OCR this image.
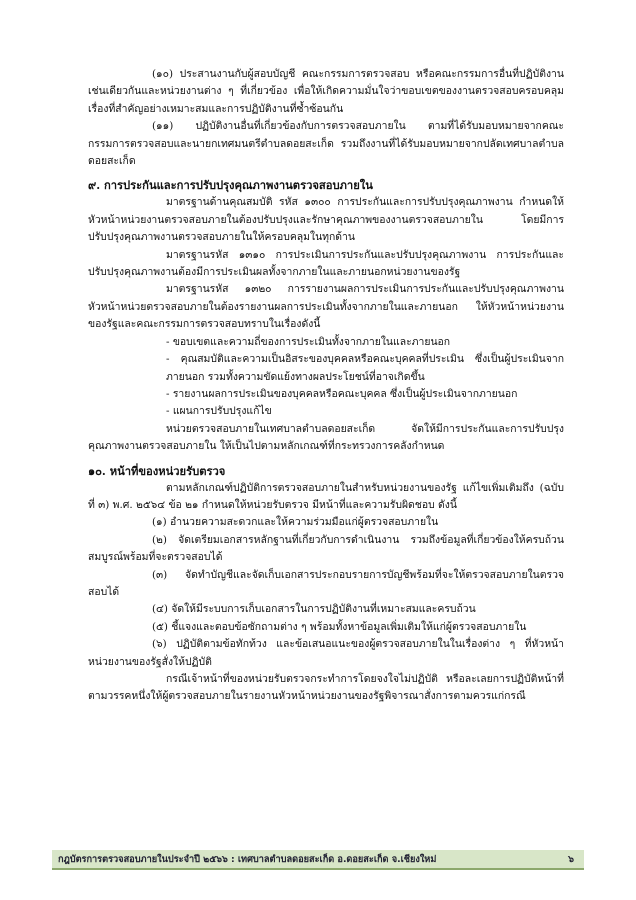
(๑๐) ประสานงานกับผู้สอบบัญชี คณะกรรมการตรวจสอบ หรือคณะกรรมการอื่นที่ปฏิบัติงานเช่นเดียวกันและหน่วยงานต่าง ๆ ที่เกี่ยวข้อง เพื่อให้เกิดความมั่นใจว่าขอบเขตของงานตรวจสอบครอบคลุมเรื่องที่สำคัญอย่างเหมาะสมและการปฏิบัติงานที่ซ้ำซ้อนกัน

(๑๑) ปฏิบัติงานอื่นที่เกี่ยวข้องกับการตรวจสอบภายใน ตามที่ได้รับมอบหมายจากคณะกรรมการตรวจสอบและนายกเทศมนตรีตำบลดอยสะเก็ด รวมถึงงานที่ได้รับมอบหมายจากปลัดเทศบาลตำบลดอยสะเก็ด

๙. การประกันและการปรับปรุงคุณภาพงานตรวจสอบภายใน

มาตรฐานด้านคุณสมบัติ รหัส ๑๓๐๐ การประกันและการปรับปรุงคุณภาพงาน กำหนดให้หัวหน้าหน่วยงานตรวจสอบภายในต้องปรับปรุงและรักษาคุณภาพของงานตรวจสอบภายใน โดยมีการปรับปรุงคุณภาพงานตรวจสอบภายในให้ครอบคลุมในทุกด้าน

มาตรฐานรหัส ๑๓๑๐ การประเมินการประกันและปรับปรุงคุณภาพงาน การประกันและปรับปรุงคุณภาพงานต้องมีการประเมินผลทั้งจากภายในและภายนอกหน่วยงานของรัฐ

มาตรฐานรหัส ๑๓๒๐ การรายงานผลการประเมินการประกันและปรับปรุงคุณภาพงาน หัวหน้าหน่วยตรวจสอบภายในต้องรายงานผลการประเมินทั้งจากภายในและภายนอก ให้หัวหน้าหน่วยงานของรัฐและคณะกรรมการตรวจสอบทราบในเรื่องดังนี้

- ขอบเขตและความถี่ของการประเมินทั้งจากภายในและภายนอก

- คุณสมบัติและความเป็นอิสระของบุคคลหรือคณะบุคคลที่ประเมิน ซึ่งเป็นผู้ประเมินจากภายนอก รวมทั้งความขัดแย้งทางผลประโยชน์ที่อาจเกิดขึ้น

- รายงานผลการประเมินของบุคคลหรือคณะบุคคล ซึ่งเป็นผู้ประเมินจากภายนอก

- แผนการปรับปรุงแก้ไข

หน่วยตรวจสอบภายในเทศบาลตำบลดอยสะเก็ด จัดให้มีการประกันและการปรับปรุงคุณภาพงานตรวจสอบภายใน ให้เป็นไปตามหลักเกณฑ์ที่กระทรวงการคลังกำหนด

๑๐. หน้าที่ของหน่วยรับตรวจ

ตามหลักเกณฑ์ปฏิบัติการตรวจสอบภายในสำหรับหน่วยงานของรัฐ แก้ไขเพิ่มเติมถึง (ฉบับที่ ๓) พ.ศ. ๒๕๖๔ ข้อ ๒๑ กำหนดให้หน่วยรับตรวจ มีหน้าที่และความรับผิดชอบ ดังนี้

(๑) อำนวยความสะดวกและให้ความร่วมมือแก่ผู้ตรวจสอบภายใน

(๒) จัดเตรียมเอกสารหลักฐานที่เกี่ยวกับการดำเนินงาน รวมถึงข้อมูลที่เกี่ยวข้องให้ครบถ้วนสมบูรณ์พร้อมที่จะตรวจสอบได้

(๓) จัดทำบัญชีและจัดเก็บเอกสารประกอบรายการบัญชีพร้อมที่จะให้ตรวจสอบภายในตรวจสอบได้

(๔) จัดให้มีระบบการเก็บเอกสารในการปฏิบัติงานที่เหมาะสมและครบถ้วน

(๕) ชี้แจงและตอบข้อซักถามต่าง ๆ พร้อมทั้งหาข้อมูลเพิ่มเติมให้แก่ผู้ตรวจสอบภายใน

(๖) ปฏิบัติตามข้อทักท้วง และข้อเสนอแนะของผู้ตรวจสอบภายในในเรื่องต่าง ๆ ที่หัวหน้าหน่วยงานของรัฐสั่งให้ปฏิบัติ

กรณีเจ้าหน้าที่ของหน่วยรับตรวจกระทำการโดยจงใจไม่ปฏิบัติ หรือละเลยการปฏิบัติหน้าที่ตามวรรคหนึ่งให้ผู้ตรวจสอบภายในรายงานหัวหน้าหน่วยงานของรัฐพิจารณาสั่งการตามควรแก่กรณี

กฎบัตรการตรวจสอบภายในประจำปี ๒๕๖๖ : เทศบาลตำบลดอยสะเก็ด อ.ดอยสะเก็ด จ.เชียงใหม่	๖
